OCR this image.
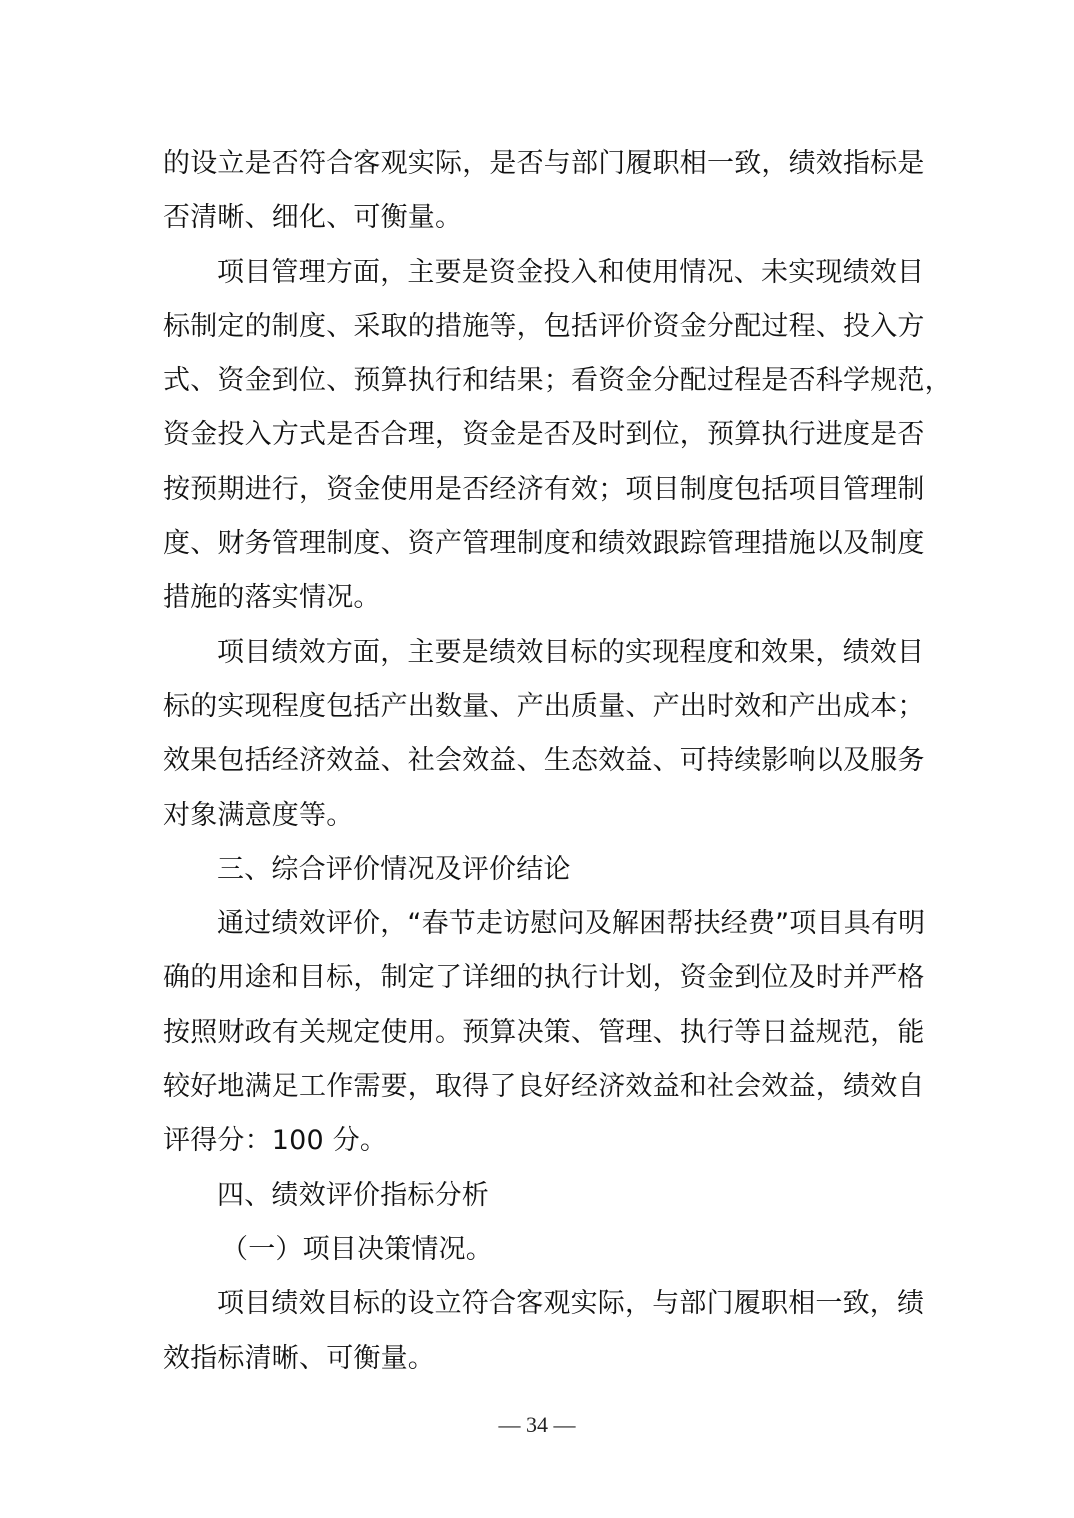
的设立是否符合客观实际，是否与部门履职相一致，绩效指标是
否清晰、细化、可衡量。
项目管理方面，主要是资金投入和使用情况、未实现绩效目
标制定的制度、采取的措施等，包括评价资金分配过程、投入方
式、资金到位、预算执行和结果；看资金分配过程是否科学规范，
资金投入方式是否合理，资金是否及时到位，预算执行进度是否
按预期进行，资金使用是否经济有效；项目制度包括项目管理制
度、财务管理制度、资产管理制度和绩效跟踪管理措施以及制度
措施的落实情况。
项目绩效方面，主要是绩效目标的实现程度和效果，绩效目
标的实现程度包括产出数量、产出质量、产出时效和产出成本；
效果包括经济效益、社会效益、生态效益、可持续影响以及服务
对象满意度等。
三、综合评价情况及评价结论
通过绩效评价，“春节走访慰问及解困帮扶经费”项目具有明
确的用途和目标，制定了详细的执行计划，资金到位及时并严格
按照财政有关规定使用。预算决策、管理、执行等日益规范，能
较好地满足工作需要，取得了良好经济效益和社会效益，绩效自
评得分：100 分。
四、绩效评价指标分析
（一）项目决策情况。
项目绩效目标的设立符合客观实际，与部门履职相一致，绩
效指标清晰、可衡量。
— 34 —
